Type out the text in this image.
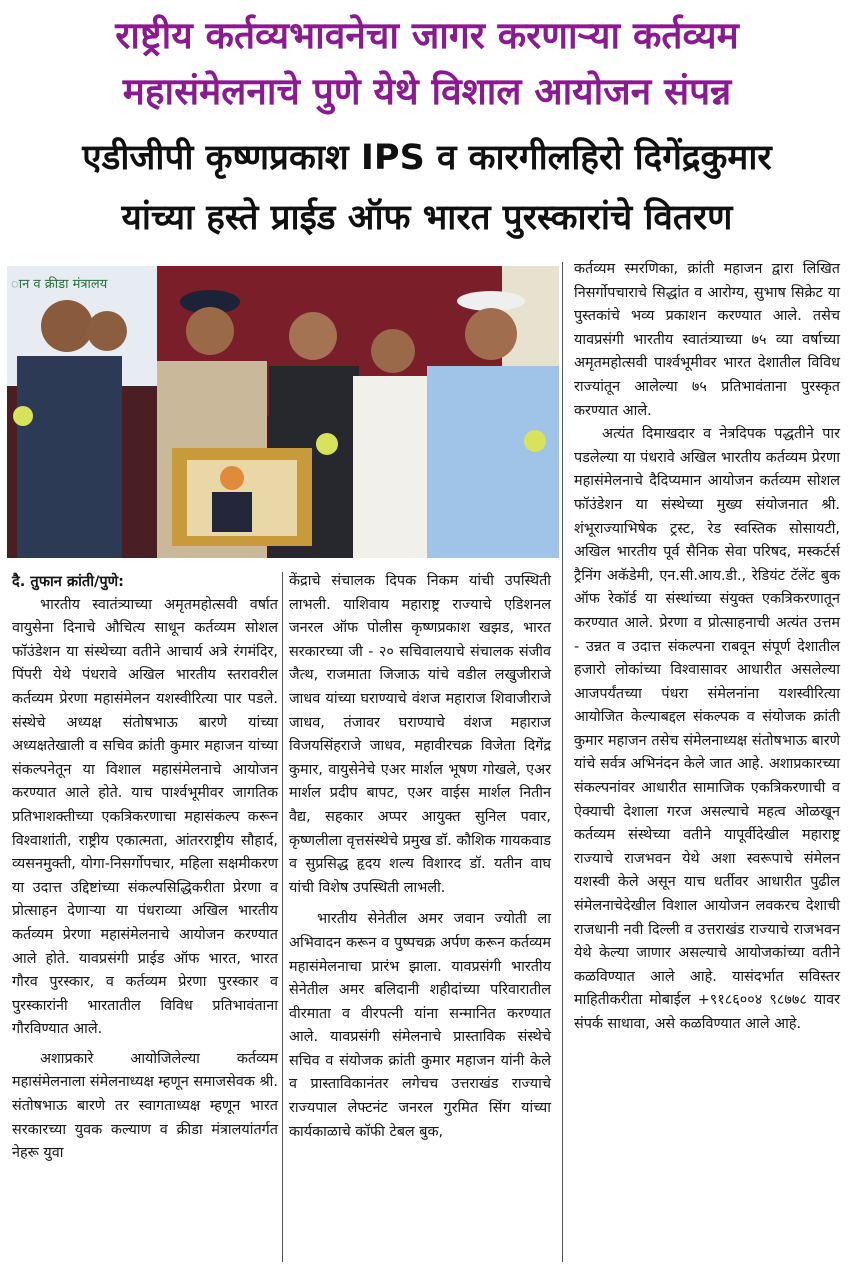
राष्ट्रीय कर्तव्यभावनेचा जागर करणाऱ्या कर्तव्यम
महासंमेलनाचे पुणे येथे विशाल आयोजन संपन्न
एडीजीपी कृष्णप्रकाश IPS व कारगीलहिरो दिगेंद्रकुमार
यांच्या हस्ते प्राईड ऑफ भारत पुरस्कारांचे वितरण
ान व क्रीडा मंत्रालय

दै. तुफान क्रांती/पुणे:

भारतीय स्वातंत्र्याच्या अमृतमहोत्सवी वर्षात वायुसेना दिनाचे औचित्य साधून कर्तव्यम सोशल फॉउंडेशन या संस्थेच्या वतीने आचार्य अत्रे रंगमंदिर, पिंपरी येथे पंधरावे अखिल भारतीय स्तरावरील कर्तव्यम प्रेरणा महासंमेलन यशस्वीरित्या पार पडले. संस्थेचे अध्यक्ष संतोषभाऊ बारणे यांच्या अध्यक्षतेखाली व सचिव क्रांती कुमार महाजन यांच्या संकल्पनेतून या विशाल महासंमेलनाचे आयोजन करण्यात आले होते. याच पार्श्वभूमीवर जागतिक प्रतिभाशक्तीच्या एकत्रिकरणाचा महासंकल्प करून विश्वाशांती, राष्ट्रीय एकात्मता, आंतरराष्ट्रीय सौहार्द, व्यसनमुक्ती, योगा-निसर्गोपचार, महिला सक्षमीकरण या उदात्त उद्दिष्टांच्या संकल्पसिद्धिकरीता प्रेरणा व प्रोत्साहन देणाऱ्या या पंधराव्या अखिल भारतीय कर्तव्यम प्रेरणा महासंमेलनाचे आयोजन करण्यात आले होते. यावप्रसंगी प्राईड ऑफ भारत, भारत गौरव पुरस्कार, व कर्तव्यम प्रेरणा पुरस्कार व पुरस्कारांनी भारतातील विविध प्रतिभावंताना गौरविण्यात आले.

अशाप्रकारे आयोजिलेल्या कर्तव्यम महासंमेलनाला संमेलनाध्यक्ष म्हणून समाजसेवक श्री. संतोषभाऊ बारणे तर स्वागताध्यक्ष म्हणून भारत सरकारच्या युवक कल्याण व क्रीडा मंत्रालयांतर्गत नेहरू युवा

केंद्राचे संचालक दिपक निकम यांची उपस्थिती लाभली. याशिवाय महाराष्ट्र राज्याचे एडिशनल जनरल ऑफ पोलीस कृष्णप्रकाश खझड, भारत सरकारच्या जी - २० सचिवालयाचे संचालक संजीव जैत्थ, राजमाता जिजाऊ यांचे वडील लखुजीराजे जाधव यांच्या घराण्याचे वंशज महाराज शिवाजीराजे जाधव, तंजावर घराण्याचे वंशज महाराज विजयसिंहराजे जाधव, महावीरचक्र विजेता दिगेंद्र कुमार, वायुसेनेचे एअर मार्शल भूषण गोखले, एअर मार्शल प्रदीप बापट, एअर वाईस मार्शल नितीन वैद्य, सहकार अप्पर आयुक्त सुनिल पवार, कृष्णलीला वृत्तसंस्थेचे प्रमुख डॉ. कौशिक गायकवाड व सुप्रसिद्ध हृदय शल्य विशारद डॉ. यतीन वाघ यांची विशेष उपस्थिती लाभली.

भारतीय सेनेतील अमर जवान ज्योती ला अभिवादन करून व पुष्पचक्र अर्पण करून कर्तव्यम महासंमेलनाचा प्रारंभ झाला. यावप्रसंगी भारतीय सेनेतील अमर बलिदानी शहीदांच्या परिवारातील वीरमाता व वीरपत्नी यांना सन्मानित करण्यात आले. यावप्रसंगी संमेलनाचे प्रास्ताविक संस्थेचे सचिव व संयोजक क्रांती कुमार महाजन यांनी केले व प्रास्ताविकानंतर लगेचच उत्तराखंड राज्याचे राज्यपाल लेफ्टनंट जनरल गुरमित सिंग यांच्या कार्यकाळाचे कॉफी टेबल बुक,

कर्तव्यम स्मरणिका, क्रांती महाजन द्वारा लिखित निसर्गोपचाराचे सिद्धांत व आरोग्य, सुभाष सिक्रेट या पुस्तकांचे भव्य प्रकाशन करण्यात आले. तसेच यावप्रसंगी भारतीय स्वातंत्र्याच्या ७५ व्या वर्षाच्या अमृतमहोत्सवी पार्श्वभूमीवर भारत देशातील विविध राज्यांतून आलेल्या ७५ प्रतिभावंताना पुरस्कृत करण्यात आले.

अत्यंत दिमाखदार व नेत्रदिपक पद्धतीने पार पडलेल्या या पंधरावे अखिल भारतीय कर्तव्यम प्रेरणा महासंमेलनाचे दैदिप्यमान आयोजन कर्तव्यम सोशल फॉउंडेशन या संस्थेच्या मुख्य संयोजनात श्री. शंभूराज्याभिषेक ट्रस्ट, रेड स्वस्तिक सोसायटी, अखिल भारतीय पूर्व सैनिक सेवा परिषद, मस्कर्टर्स ट्रैनिंग अकॅडेमी, एन.सी.आय.डी., रेडियंट टॅलेंट बुक ऑफ रेकॉर्ड या संस्थांच्या संयुक्त एकत्रिकरणातून करण्यात आले. प्रेरणा व प्रोत्साहनाची अत्यंत उत्तम - उन्नत व उदात्त संकल्पना राबवून संपूर्ण देशातील हजारो लोकांच्या विश्वासावर आधारीत असलेल्या आजपर्यंतच्या पंधरा संमेलनांना यशस्वीरित्या आयोजित केल्याबद्दल संकल्पक व संयोजक क्रांती कुमार महाजन तसेच संमेलनाध्यक्ष संतोषभाऊ बारणे यांचे सर्वत्र अभिनंदन केले जात आहे. अशाप्रकारच्या संकल्पनांवर आधारीत सामाजिक एकत्रिकरणाची व ऐक्याची देशाला गरज असल्याचे महत्व ओळखून कर्तव्यम संस्थेच्या वतीने यापूर्वीदेखील महाराष्ट्र राज्याचे राजभवन येथे अशा स्वरूपाचे संमेलन यशस्वी केले असून याच धर्तीवर आधारीत पुढील संमेलनाचेदेखील विशाल आयोजन लवकरच देशाची राजधानी नवी दिल्ली व उत्तराखंड राज्याचे राजभवन येथे केल्या जाणार असल्याचे आयोजकांच्या वतीने कळविण्यात आले आहे. यासंदर्भात सविस्तर माहितीकरीता मोबाईल +९१८६००४ ९८७७८ यावर संपर्क साधावा, असे कळविण्यात आले आहे.
